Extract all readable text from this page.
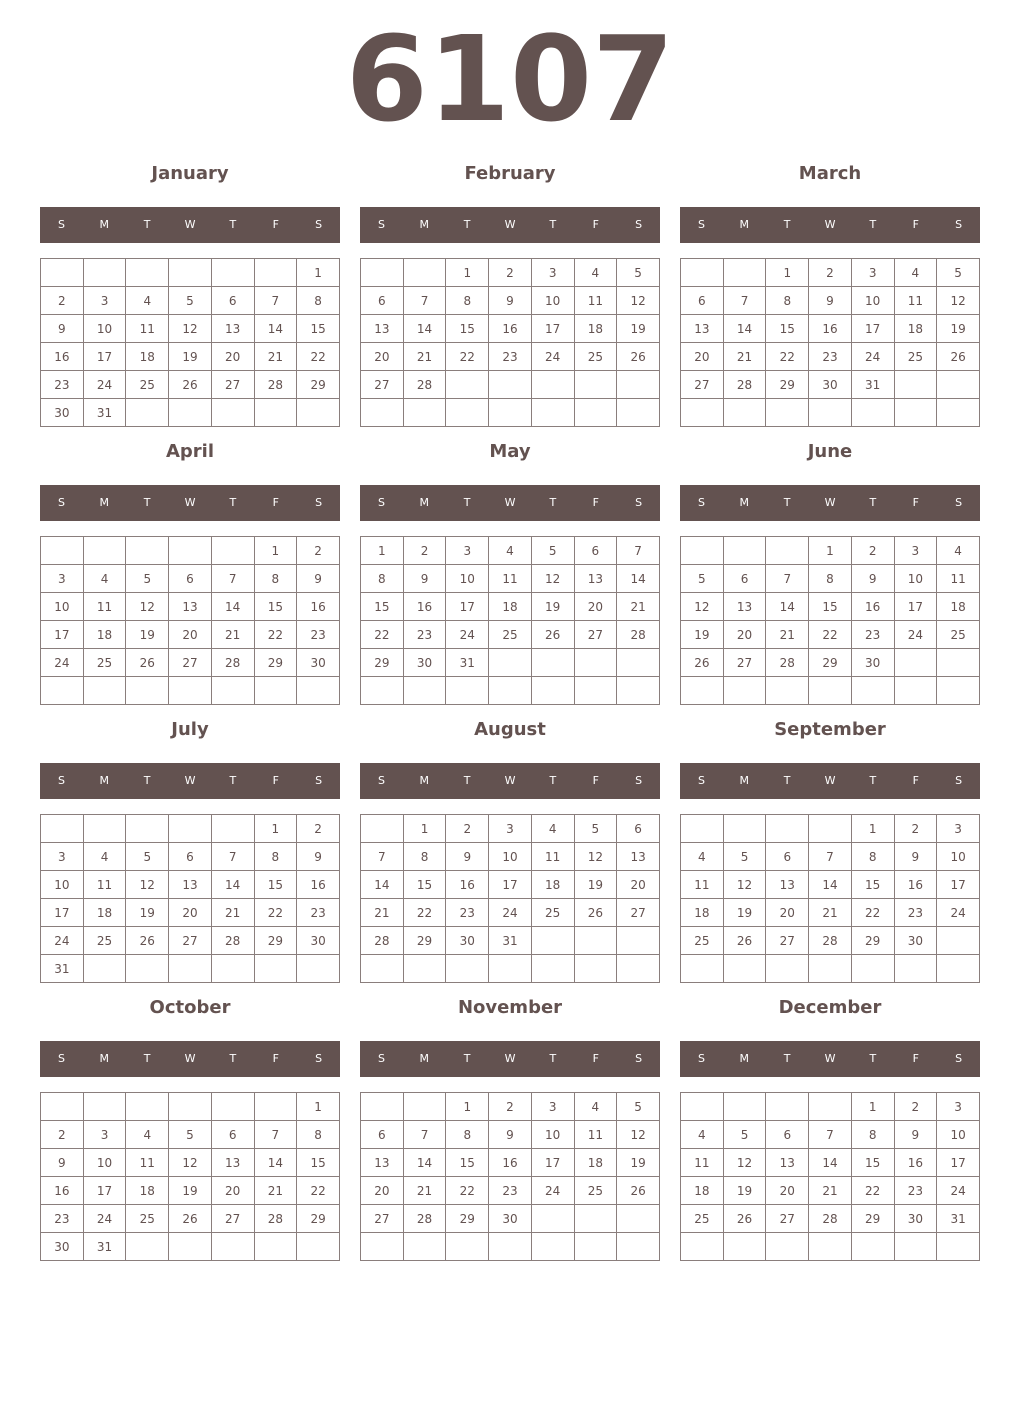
6107
January
S	M	T	W	T	F	S
						1
2	3	4	5	6	7	8
9	10	11	12	13	14	15
16	17	18	19	20	21	22
23	24	25	26	27	28	29
30	31					
February
S	M	T	W	T	F	S
		1	2	3	4	5
6	7	8	9	10	11	12
13	14	15	16	17	18	19
20	21	22	23	24	25	26
27	28					

March
S	M	T	W	T	F	S
		1	2	3	4	5
6	7	8	9	10	11	12
13	14	15	16	17	18	19
20	21	22	23	24	25	26
27	28	29	30	31		

April
S	M	T	W	T	F	S
					1	2
3	4	5	6	7	8	9
10	11	12	13	14	15	16
17	18	19	20	21	22	23
24	25	26	27	28	29	30

May
S	M	T	W	T	F	S
1	2	3	4	5	6	7
8	9	10	11	12	13	14
15	16	17	18	19	20	21
22	23	24	25	26	27	28
29	30	31				

June
S	M	T	W	T	F	S
			1	2	3	4
5	6	7	8	9	10	11
12	13	14	15	16	17	18
19	20	21	22	23	24	25
26	27	28	29	30		

July
S	M	T	W	T	F	S
					1	2
3	4	5	6	7	8	9
10	11	12	13	14	15	16
17	18	19	20	21	22	23
24	25	26	27	28	29	30
31						
August
S	M	T	W	T	F	S
	1	2	3	4	5	6
7	8	9	10	11	12	13
14	15	16	17	18	19	20
21	22	23	24	25	26	27
28	29	30	31			

September
S	M	T	W	T	F	S
				1	2	3
4	5	6	7	8	9	10
11	12	13	14	15	16	17
18	19	20	21	22	23	24
25	26	27	28	29	30	

October
S	M	T	W	T	F	S
						1
2	3	4	5	6	7	8
9	10	11	12	13	14	15
16	17	18	19	20	21	22
23	24	25	26	27	28	29
30	31					
November
S	M	T	W	T	F	S
		1	2	3	4	5
6	7	8	9	10	11	12
13	14	15	16	17	18	19
20	21	22	23	24	25	26
27	28	29	30			

December
S	M	T	W	T	F	S
				1	2	3
4	5	6	7	8	9	10
11	12	13	14	15	16	17
18	19	20	21	22	23	24
25	26	27	28	29	30	31
